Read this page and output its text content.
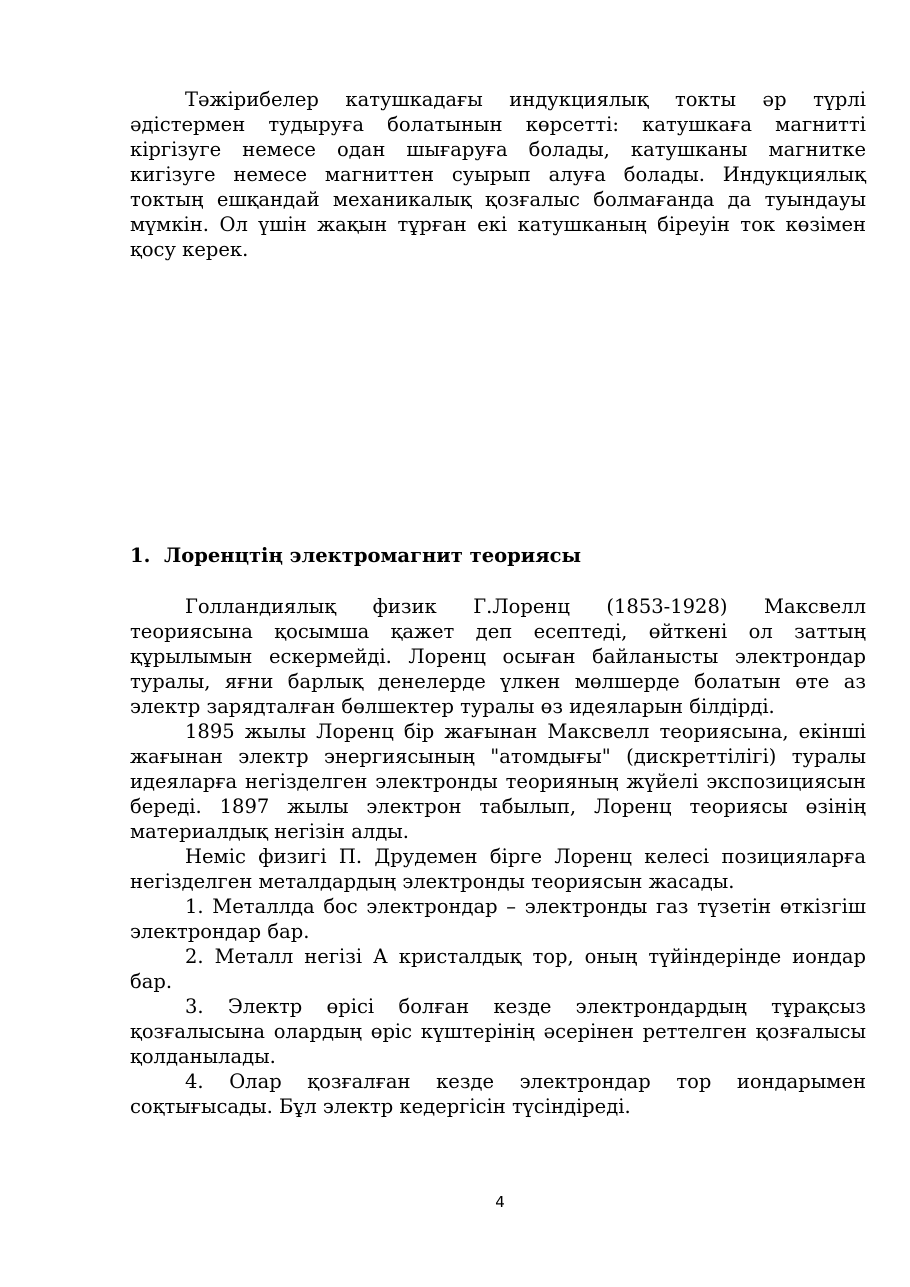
Тәжірибелер катушкадағы индукциялық токты әр түрлі әдістермен тудыруға болатынын көрсетті: катушкаға магнитті кіргізуге немесе одан шығаруға болады, катушканы магнитке кигізуге немесе магниттен суырып алуға болады. Индукциялық токтың ешқандай механикалық қозғалыс болмағанда да туындауы мүмкін. Ол үшін жақын тұрған екі катушканың біреуін ток көзімен қосу керек.

1. Лоренцтің электромагнит теориясы

Голландиялық физик Г.Лоренц (1853-1928) Максвелл теориясына қосымша қажет деп есептеді, өйткені ол заттың құрылымын ескермейді. Лоренц осыған байланысты электрондар туралы, яғни барлық денелерде үлкен мөлшерде болатын өте аз электр зарядталған бөлшектер туралы өз идеяларын білдірді.

1895 жылы Лоренц бір жағынан Максвелл теориясына, екінші жағынан электр энергиясының "атомдығы" (дискреттілігі) туралы идеяларға негізделген электронды теорияның жүйелі экспозициясын береді. 1897 жылы электрон табылып, Лоренц теориясы өзінің материалдық негізін алды.

Неміс физигі П. Друдемен бірге Лоренц келесі позицияларға негізделген металдардың электронды теориясын жасады.

1. Металлда бос электрондар – электронды газ түзетін өткізгіш электрондар бар.

2. Металл негізі А кристалдық тор, оның түйіндерінде иондар бар.

3. Электр өрісі болған кезде электрондардың тұрақсыз қозғалысына олардың өріс күштерінің әсерінен реттелген қозғалысы қолданылады.

4. Олар қозғалған кезде электрондар тор иондарымен соқтығысады. Бұл электр кедергісін түсіндіреді.

4
